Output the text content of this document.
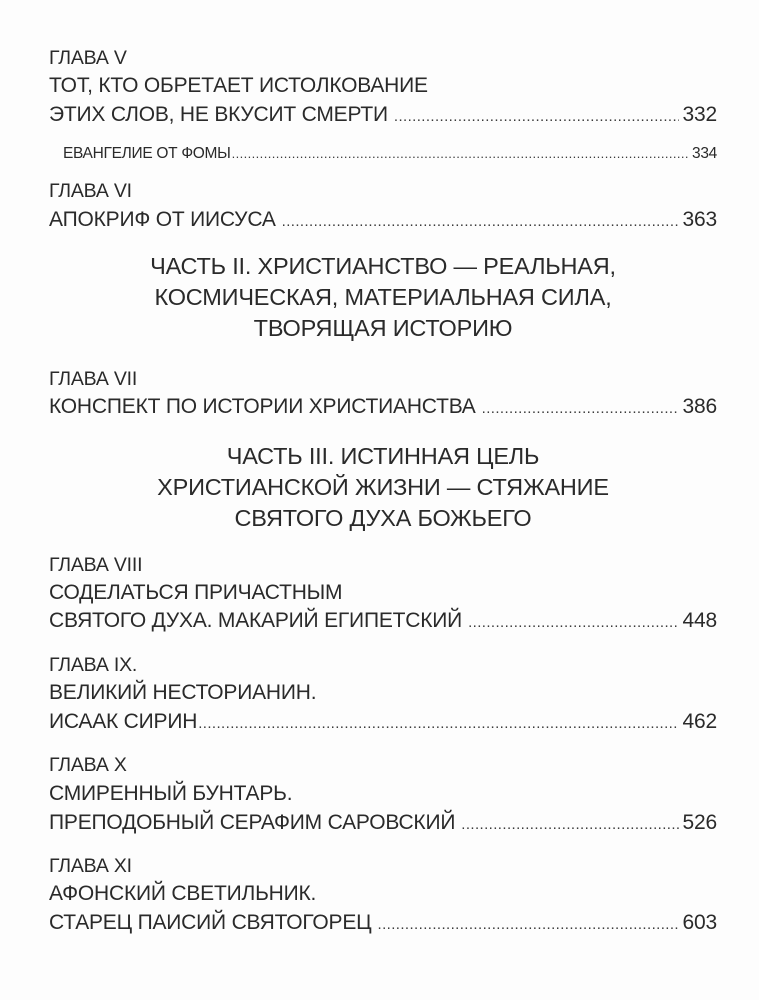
ГЛАВА V
ТОТ, КТО ОБРЕТАЕТ ИСТОЛКОВАНИЕ
ЭТИХ СЛОВ, НЕ ВКУСИТ СМЕРТИ .....	332
ЕВАНГЕЛИЕ ОТ ФОМЫ .....	334
ГЛАВА VI
АПОКРИФ ОТ ИИСУСА .....	363
ЧАСТЬ II. ХРИСТИАНСТВО — РЕАЛЬНАЯ,
КОСМИЧЕСКАЯ, МАТЕРИАЛЬНАЯ СИЛА,
ТВОРЯЩАЯ ИСТОРИЮ
ГЛАВА VII
КОНСПЕКТ ПО ИСТОРИИ ХРИСТИАНСТВА .....	386
ЧАСТЬ III. ИСТИННАЯ ЦЕЛЬ
ХРИСТИАНСКОЙ ЖИЗНИ — СТЯЖАНИЕ
СВЯТОГО ДУХА БОЖЬЕГО
ГЛАВА VIII
СОДЕЛАТЬСЯ ПРИЧАСТНЫМ
СВЯТОГО ДУХА. МАКАРИЙ ЕГИПЕТСКИЙ .....	448
ГЛАВА IX.
ВЕЛИКИЙ НЕСТОРИАНИН.
ИСААК СИРИН .....	462
ГЛАВА X
СМИРЕННЫЙ БУНТАРЬ.
ПРЕПОДОБНЫЙ СЕРАФИМ САРОВСКИЙ .....	526
ГЛАВА XI
АФОНСКИЙ СВЕТИЛЬНИК.
СТАРЕЦ ПАИСИЙ СВЯТОГОРЕЦ .....	603
